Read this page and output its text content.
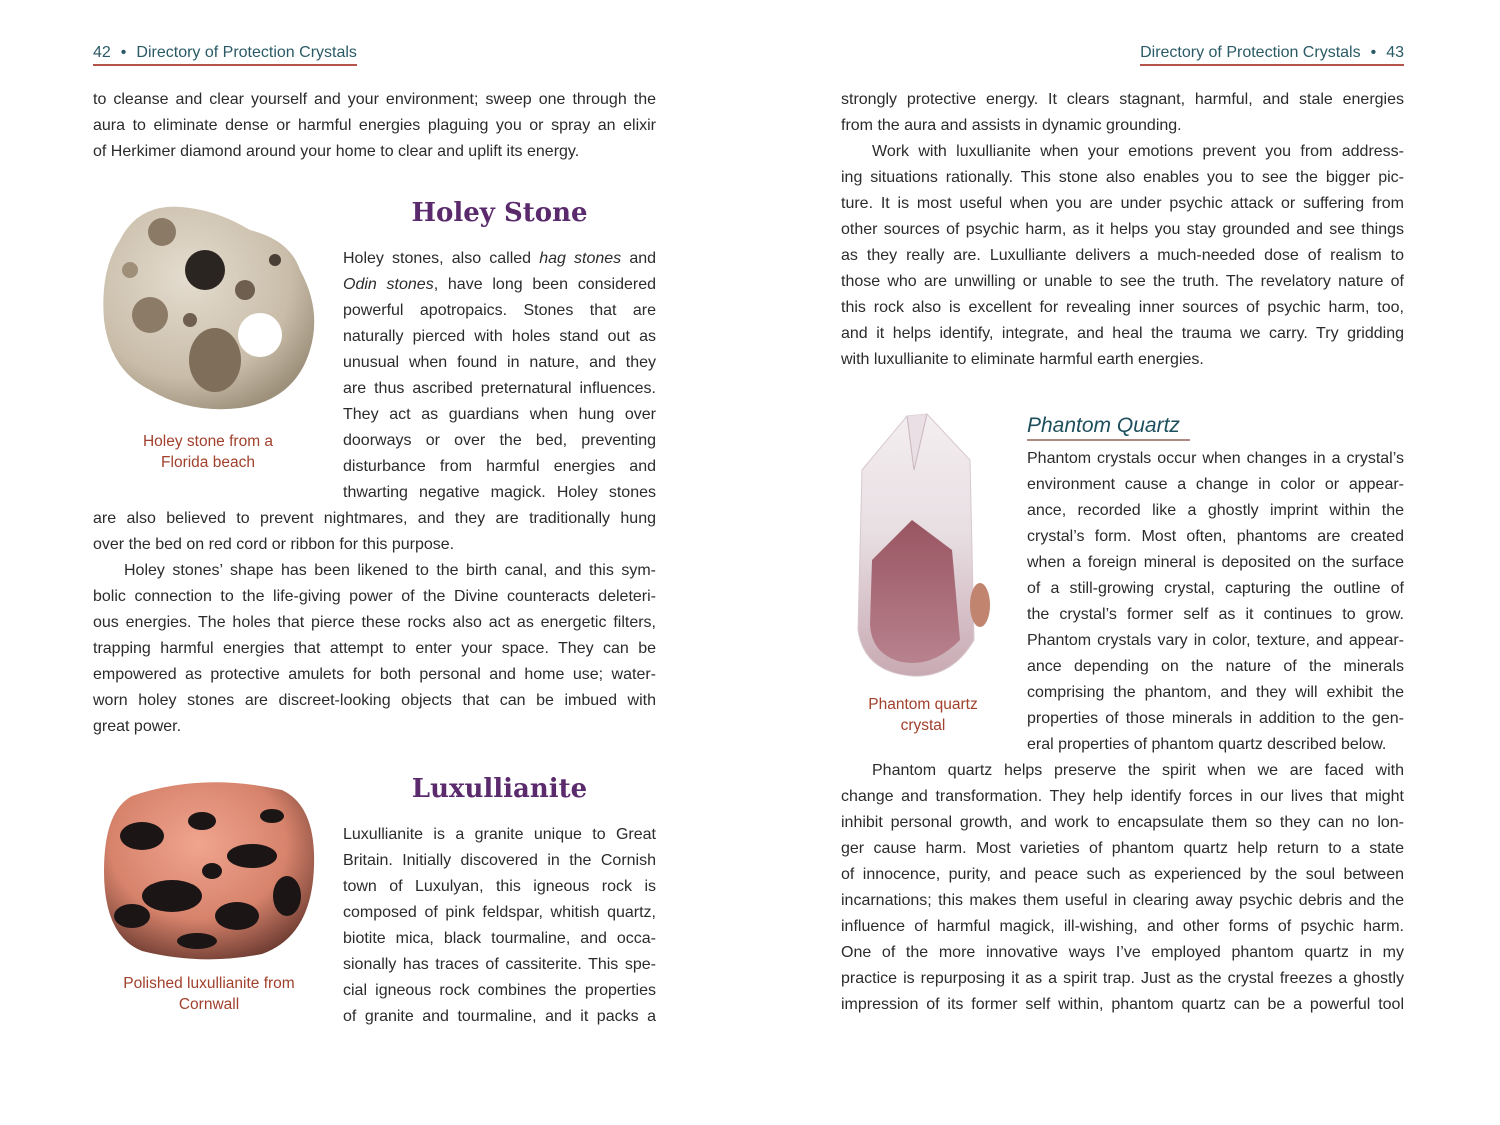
42 • Directory of Protection Crystals	Directory of Protection Crystals • 43
to cleanse and clear yourself and your environment; sweep one through the
aura to eliminate dense or harmful energies plaguing you or spray an elixir
of Herkimer diamond around your home to clear and uplift its energy.
Holey stone from a
Florida beach
Holey Stone
Holey stones, also called hag stones and
Odin stones, have long been considered
powerful apotropaics. Stones that are
naturally pierced with holes stand out as
unusual when found in nature, and they
are thus ascribed preternatural influences.
They act as guardians when hung over
doorways or over the bed, preventing
disturbance from harmful energies and
thwarting negative magick. Holey stones
are also believed to prevent nightmares, and they are traditionally hung
over the bed on red cord or ribbon for this purpose.
Holey stones’ shape has been likened to the birth canal, and this sym-
bolic connection to the life-giving power of the Divine counteracts deleteri-
ous energies. The holes that pierce these rocks also act as energetic filters,
trapping harmful energies that attempt to enter your space. They can be
empowered as protective amulets for both personal and home use; water-
worn holey stones are discreet-looking objects that can be imbued with
great power.
Polished luxullianite from
Cornwall
Luxullianite
Luxullianite is a granite unique to Great
Britain. Initially discovered in the Cornish
town of Luxulyan, this igneous rock is
composed of pink feldspar, whitish quartz,
biotite mica, black tourmaline, and occa-
sionally has traces of cassiterite. This spe-
cial igneous rock combines the properties
of granite and tourmaline, and it packs a
strongly protective energy. It clears stagnant, harmful, and stale energies
from the aura and assists in dynamic grounding.
Work with luxullianite when your emotions prevent you from address-
ing situations rationally. This stone also enables you to see the bigger pic-
ture. It is most useful when you are under psychic attack or suffering from
other sources of psychic harm, as it helps you stay grounded and see things
as they really are. Luxulliante delivers a much-needed dose of realism to
those who are unwilling or unable to see the truth. The revelatory nature of
this rock also is excellent for revealing inner sources of psychic harm, too,
and it helps identify, integrate, and heal the trauma we carry. Try gridding
with luxullianite to eliminate harmful earth energies.
Phantom quartz
crystal
Phantom Quartz
Phantom crystals occur when changes in a crystal’s
environment cause a change in color or appear-
ance, recorded like a ghostly imprint within the
crystal’s form. Most often, phantoms are created
when a foreign mineral is deposited on the surface
of a still-growing crystal, capturing the outline of
the crystal’s former self as it continues to grow.
Phantom crystals vary in color, texture, and appear-
ance depending on the nature of the minerals
comprising the phantom, and they will exhibit the
properties of those minerals in addition to the gen-
eral properties of phantom quartz described below.
Phantom quartz helps preserve the spirit when we are faced with
change and transformation. They help identify forces in our lives that might
inhibit personal growth, and work to encapsulate them so they can no lon-
ger cause harm. Most varieties of phantom quartz help return to a state
of innocence, purity, and peace such as experienced by the soul between
incarnations; this makes them useful in clearing away psychic debris and the
influence of harmful magick, ill-wishing, and other forms of psychic harm.
One of the more innovative ways I’ve employed phantom quartz in my
practice is repurposing it as a spirit trap. Just as the crystal freezes a ghostly
impression of its former self within, phantom quartz can be a powerful tool
